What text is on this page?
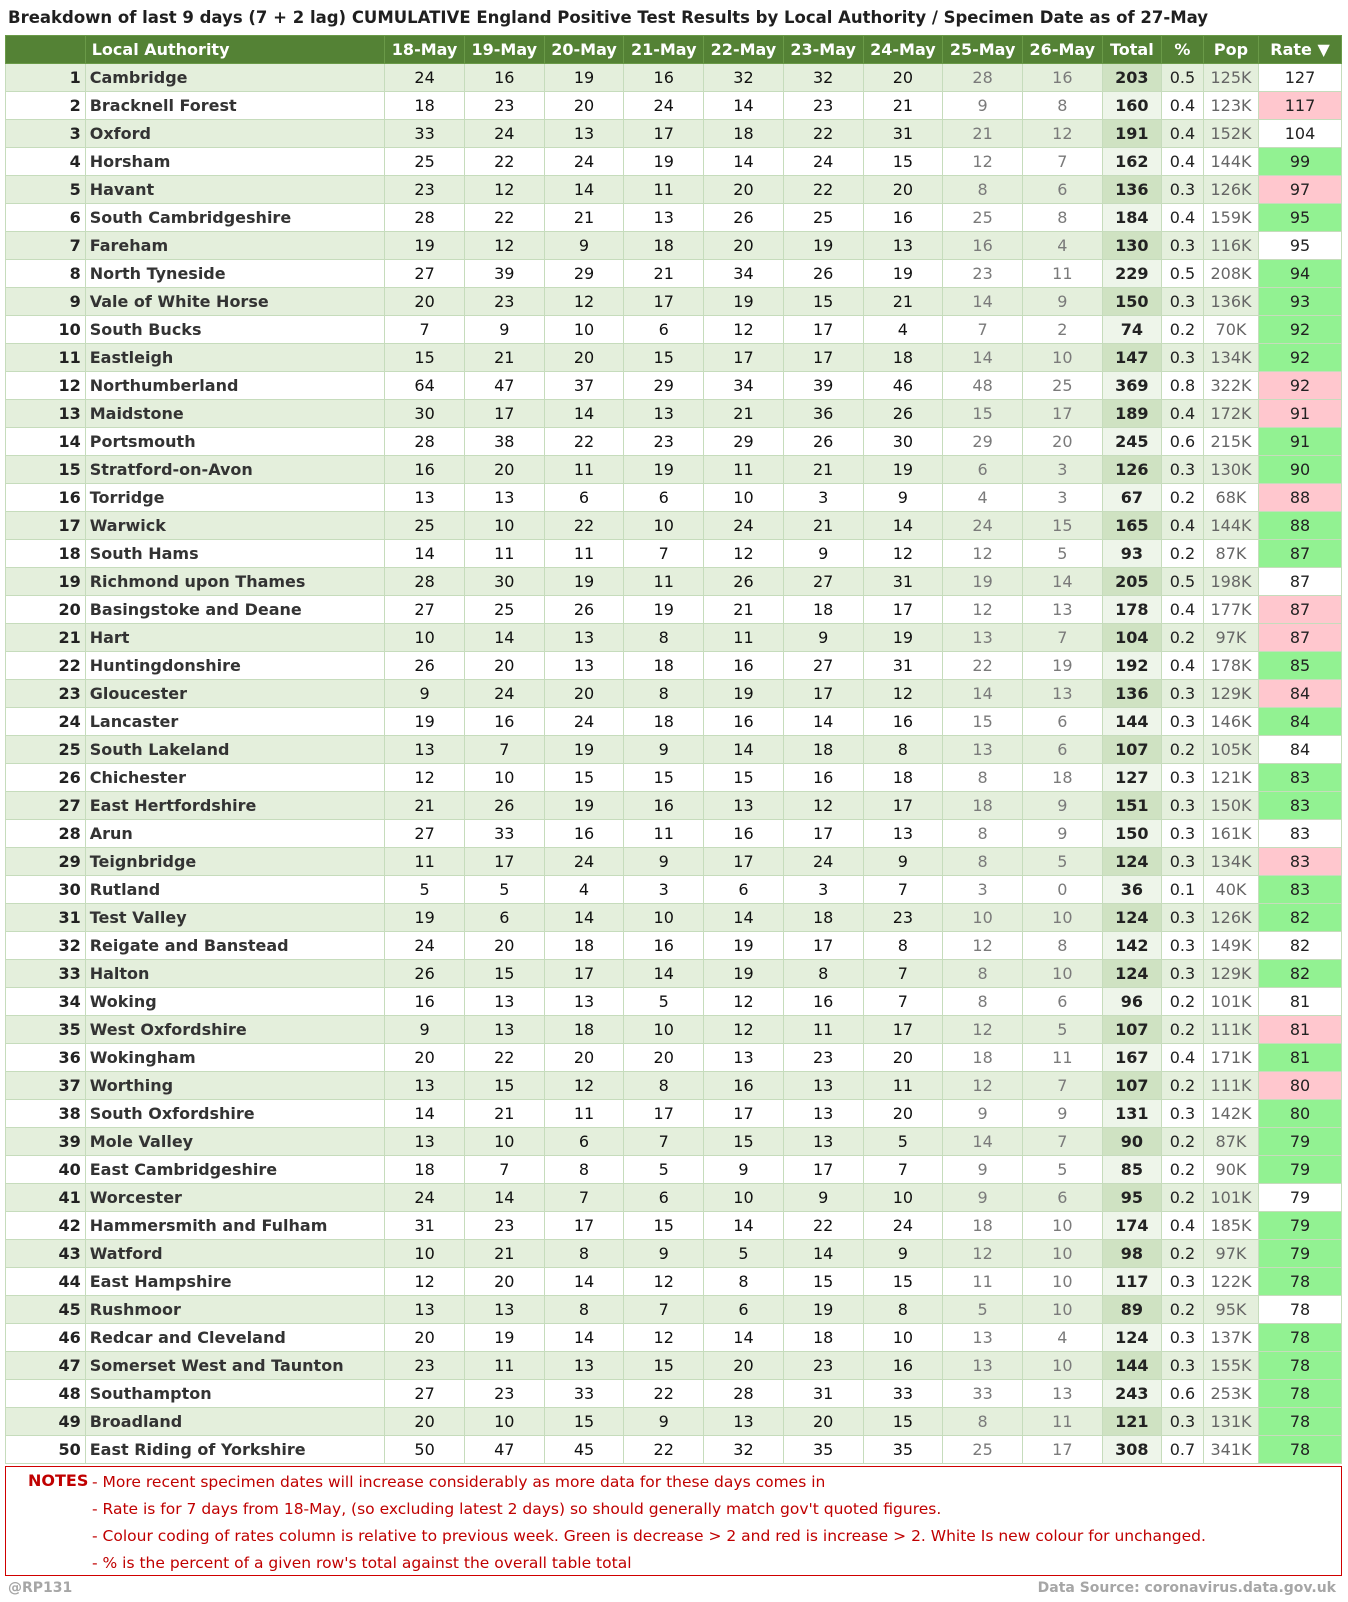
Breakdown of last 9 days (7 + 2 lag) CUMULATIVE England Positive Test Results by Local Authority / Specimen Date as of 27-May
	Local Authority	18-May	19-May	20-May	21-May	22-May	23-May	24-May	25-May	26-May	Total	%	Pop	Rate ▼
1	Cambridge	24	16	19	16	32	32	20	28	16	203	0.5	125K	127
2	Bracknell Forest	18	23	20	24	14	23	21	9	8	160	0.4	123K	117
3	Oxford	33	24	13	17	18	22	31	21	12	191	0.4	152K	104
4	Horsham	25	22	24	19	14	24	15	12	7	162	0.4	144K	99
5	Havant	23	12	14	11	20	22	20	8	6	136	0.3	126K	97
6	South Cambridgeshire	28	22	21	13	26	25	16	25	8	184	0.4	159K	95
7	Fareham	19	12	9	18	20	19	13	16	4	130	0.3	116K	95
8	North Tyneside	27	39	29	21	34	26	19	23	11	229	0.5	208K	94
9	Vale of White Horse	20	23	12	17	19	15	21	14	9	150	0.3	136K	93
10	South Bucks	7	9	10	6	12	17	4	7	2	74	0.2	70K	92
11	Eastleigh	15	21	20	15	17	17	18	14	10	147	0.3	134K	92
12	Northumberland	64	47	37	29	34	39	46	48	25	369	0.8	322K	92
13	Maidstone	30	17	14	13	21	36	26	15	17	189	0.4	172K	91
14	Portsmouth	28	38	22	23	29	26	30	29	20	245	0.6	215K	91
15	Stratford-on-Avon	16	20	11	19	11	21	19	6	3	126	0.3	130K	90
16	Torridge	13	13	6	6	10	3	9	4	3	67	0.2	68K	88
17	Warwick	25	10	22	10	24	21	14	24	15	165	0.4	144K	88
18	South Hams	14	11	11	7	12	9	12	12	5	93	0.2	87K	87
19	Richmond upon Thames	28	30	19	11	26	27	31	19	14	205	0.5	198K	87
20	Basingstoke and Deane	27	25	26	19	21	18	17	12	13	178	0.4	177K	87
21	Hart	10	14	13	8	11	9	19	13	7	104	0.2	97K	87
22	Huntingdonshire	26	20	13	18	16	27	31	22	19	192	0.4	178K	85
23	Gloucester	9	24	20	8	19	17	12	14	13	136	0.3	129K	84
24	Lancaster	19	16	24	18	16	14	16	15	6	144	0.3	146K	84
25	South Lakeland	13	7	19	9	14	18	8	13	6	107	0.2	105K	84
26	Chichester	12	10	15	15	15	16	18	8	18	127	0.3	121K	83
27	East Hertfordshire	21	26	19	16	13	12	17	18	9	151	0.3	150K	83
28	Arun	27	33	16	11	16	17	13	8	9	150	0.3	161K	83
29	Teignbridge	11	17	24	9	17	24	9	8	5	124	0.3	134K	83
30	Rutland	5	5	4	3	6	3	7	3	0	36	0.1	40K	83
31	Test Valley	19	6	14	10	14	18	23	10	10	124	0.3	126K	82
32	Reigate and Banstead	24	20	18	16	19	17	8	12	8	142	0.3	149K	82
33	Halton	26	15	17	14	19	8	7	8	10	124	0.3	129K	82
34	Woking	16	13	13	5	12	16	7	8	6	96	0.2	101K	81
35	West Oxfordshire	9	13	18	10	12	11	17	12	5	107	0.2	111K	81
36	Wokingham	20	22	20	20	13	23	20	18	11	167	0.4	171K	81
37	Worthing	13	15	12	8	16	13	11	12	7	107	0.2	111K	80
38	South Oxfordshire	14	21	11	17	17	13	20	9	9	131	0.3	142K	80
39	Mole Valley	13	10	6	7	15	13	5	14	7	90	0.2	87K	79
40	East Cambridgeshire	18	7	8	5	9	17	7	9	5	85	0.2	90K	79
41	Worcester	24	14	7	6	10	9	10	9	6	95	0.2	101K	79
42	Hammersmith and Fulham	31	23	17	15	14	22	24	18	10	174	0.4	185K	79
43	Watford	10	21	8	9	5	14	9	12	10	98	0.2	97K	79
44	East Hampshire	12	20	14	12	8	15	15	11	10	117	0.3	122K	78
45	Rushmoor	13	13	8	7	6	19	8	5	10	89	0.2	95K	78
46	Redcar and Cleveland	20	19	14	12	14	18	10	13	4	124	0.3	137K	78
47	Somerset West and Taunton	23	11	13	15	20	23	16	13	10	144	0.3	155K	78
48	Southampton	27	23	33	22	28	31	33	33	13	243	0.6	253K	78
49	Broadland	20	10	15	9	13	20	15	8	11	121	0.3	131K	78
50	East Riding of Yorkshire	50	47	45	22	32	35	35	25	17	308	0.7	341K	78
NOTES - More recent specimen dates will increase considerably as more data for these days comes in
- Rate is for 7 days from 18-May, (so excluding latest 2 days) so should generally match gov't quoted figures.
- Colour coding of rates column is relative to previous week. Green is decrease > 2 and red is increase > 2. White Is new colour for unchanged.
- % is the percent of a given row's total against the overall table total
@RP131	Data Source: coronavirus.data.gov.uk
